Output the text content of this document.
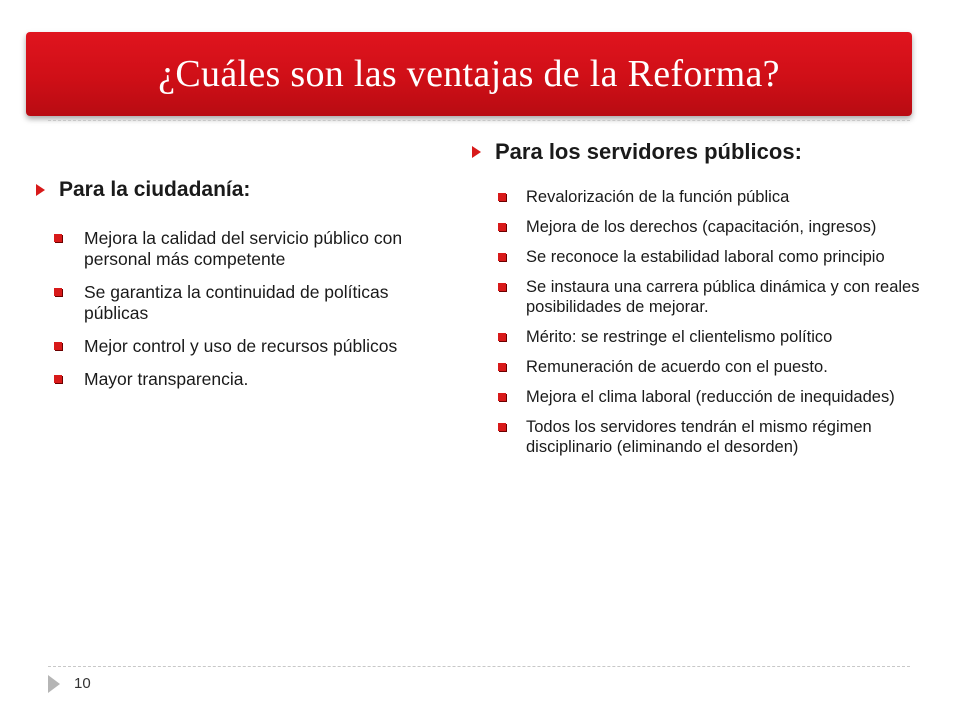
¿Cuáles son las ventajas de la Reforma?

Para la ciudadanía:

Mejora la calidad del servicio público con personal más competente
Se garantiza la continuidad de políticas públicas
Mejor control y uso de recursos públicos
Mayor transparencia.

Para los servidores públicos:

Revalorización de la función pública
Mejora de los derechos (capacitación, ingresos)
Se reconoce la estabilidad laboral como principio
Se instaura una carrera pública dinámica y con reales posibilidades de mejorar.
Mérito: se restringe el clientelismo político
Remuneración de acuerdo con el puesto.
Mejora el clima laboral (reducción de inequidades)
Todos los servidores tendrán el mismo régimen disciplinario (eliminando el desorden)
10
